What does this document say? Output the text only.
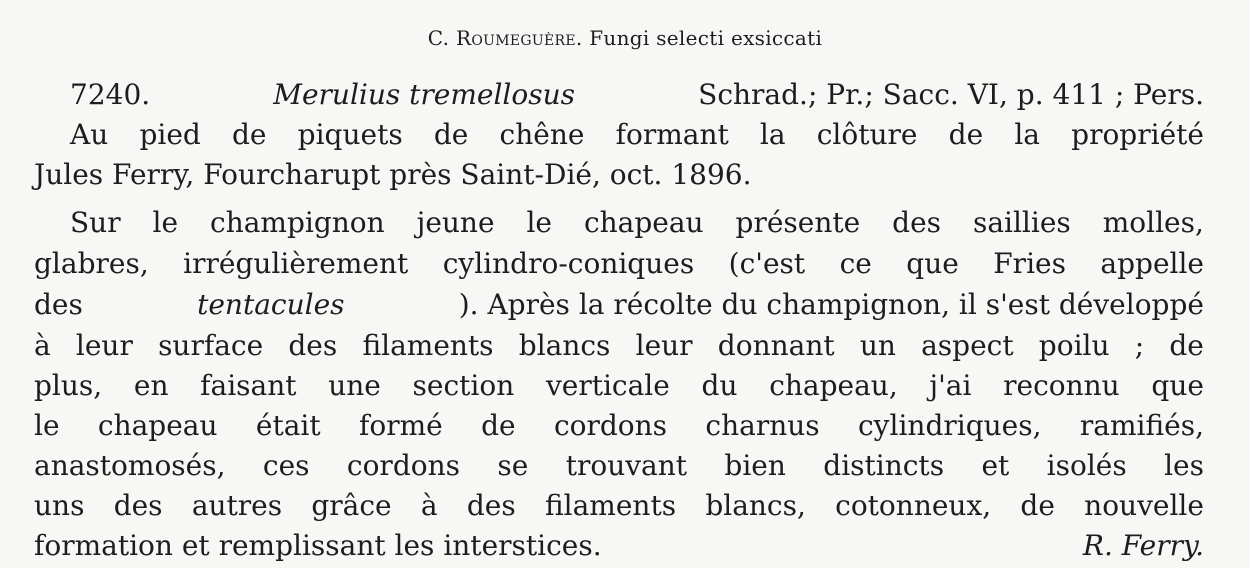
C. Roumeguère. Fungi selecti exsiccati
7240.	Merulius tremellosus	Schrad.; Pr.; Sacc. VI, p. 411 ; Pers.
Au pied de piquets de chêne formant la clôture de la propriété
Jules Ferry, Fourcharupt près Saint-Dié, oct. 1896.
Sur le champignon jeune le chapeau présente des saillies molles,
glabres, irrégulièrement cylindro-coniques (c'est ce que Fries appelle
des	tentacules	). Après la récolte du champignon, il s'est développé
à leur surface des filaments blancs leur donnant un aspect poilu ; de
plus, en faisant une section verticale du chapeau, j'ai reconnu que
le chapeau était formé de cordons charnus cylindriques, ramifiés,
anastomosés, ces cordons se trouvant bien distincts et isolés les
uns des autres grâce à des filaments blancs, cotonneux, de nouvelle
formation et remplissant les interstices.	R. Ferry.
